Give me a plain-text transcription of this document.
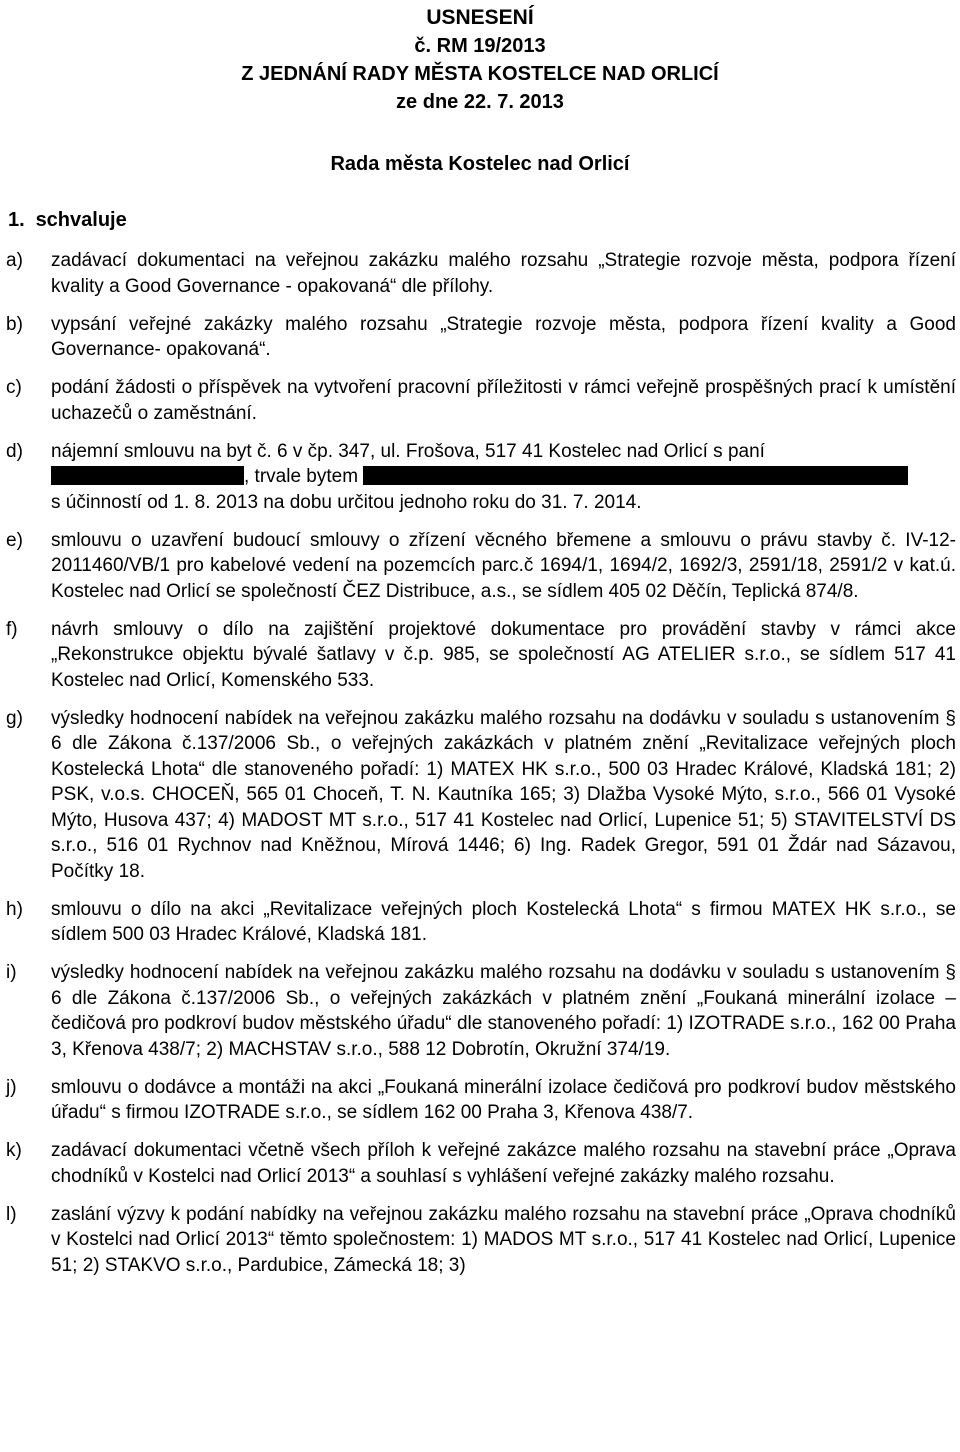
USNESENÍ
č. RM 19/2013
Z JEDNÁNÍ RADY MĚSTA KOSTELCE NAD ORLICÍ
ze dne 22. 7. 2013
Rada města Kostelec nad Orlicí
1. schvaluje
a)	zadávací dokumentaci na veřejnou zakázku malého rozsahu „Strategie rozvoje města, podpora řízení kvality a Good Governance - opakovaná“ dle přílohy.
b)	vypsání veřejné zakázky malého rozsahu „Strategie rozvoje města, podpora řízení kvality a Good Governance- opakovaná“.
c)	podání žádosti o příspěvek na vytvoření pracovní příležitosti v rámci veřejně prospěšných prací k umístění uchazečů o zaměstnání.
d)	nájemní smlouvu na byt č. 6 v čp. 347, ul. Frošova, 517 41 Kostelec nad Orlicí s paní
, trvale bytem
s účinností od 1. 8. 2013 na dobu určitou jednoho roku do 31. 7. 2014.
e)	smlouvu o uzavření budoucí smlouvy o zřízení věcného břemene a smlouvu o právu stavby č. IV-12-2011460/VB/1 pro kabelové vedení na pozemcích parc.č 1694/1, 1694/2, 1692/3, 2591/18, 2591/2 v kat.ú. Kostelec nad Orlicí se společností ČEZ Distribuce, a.s., se sídlem 405 02 Děčín, Teplická 874/8.
f)	návrh smlouvy o dílo na zajištění projektové dokumentace pro provádění stavby v rámci akce „Rekonstrukce objektu bývalé šatlavy v č.p. 985, se společností AG ATELIER s.r.o., se sídlem 517 41 Kostelec nad Orlicí, Komenského 533.
g)	výsledky hodnocení nabídek na veřejnou zakázku malého rozsahu na dodávku v souladu s ustanovením § 6 dle Zákona č.137/2006 Sb., o veřejných zakázkách v platném znění „Revitalizace veřejných ploch Kostelecká Lhota“ dle stanoveného pořadí: 1) MATEX HK s.r.o., 500 03 Hradec Králové, Kladská 181; 2) PSK, v.o.s. CHOCEŇ, 565 01 Choceň, T. N. Kautníka 165; 3) Dlažba Vysoké Mýto, s.r.o., 566 01 Vysoké Mýto, Husova 437; 4) MADOST MT s.r.o., 517 41 Kostelec nad Orlicí, Lupenice 51; 5) STAVITELSTVÍ DS s.r.o., 516 01 Rychnov nad Kněžnou, Mírová 1446; 6) Ing. Radek Gregor, 591 01 Ždár nad Sázavou, Počítky 18.
h)	smlouvu o dílo na akci „Revitalizace veřejných ploch Kostelecká Lhota“ s firmou MATEX HK s.r.o., se sídlem 500 03 Hradec Králové, Kladská 181.
i)	výsledky hodnocení nabídek na veřejnou zakázku malého rozsahu na dodávku v souladu s ustanovením § 6 dle Zákona č.137/2006 Sb., o veřejných zakázkách v platném znění „Foukaná minerální izolace – čedičová pro podkroví budov městského úřadu“ dle stanoveného pořadí: 1) IZOTRADE s.r.o., 162 00 Praha 3, Křenova 438/7; 2) MACHSTAV s.r.o., 588 12 Dobrotín, Okružní 374/19.
j)	smlouvu o dodávce a montáži na akci „Foukaná minerální izolace čedičová pro podkroví budov městského úřadu“ s firmou IZOTRADE s.r.o., se sídlem 162 00 Praha 3, Křenova 438/7.
k)	zadávací dokumentaci včetně všech příloh k veřejné zakázce malého rozsahu na stavební práce „Oprava chodníků v Kostelci nad Orlicí 2013“ a souhlasí s vyhlášení veřejné zakázky malého rozsahu.
l)	zaslání výzvy k podání nabídky na veřejnou zakázku malého rozsahu na stavební práce „Oprava chodníků v Kostelci nad Orlicí 2013“ těmto společnostem: 1) MADOS MT s.r.o., 517 41 Kostelec nad Orlicí, Lupenice 51; 2) STAKVO s.r.o., Pardubice, Zámecká 18; 3)
